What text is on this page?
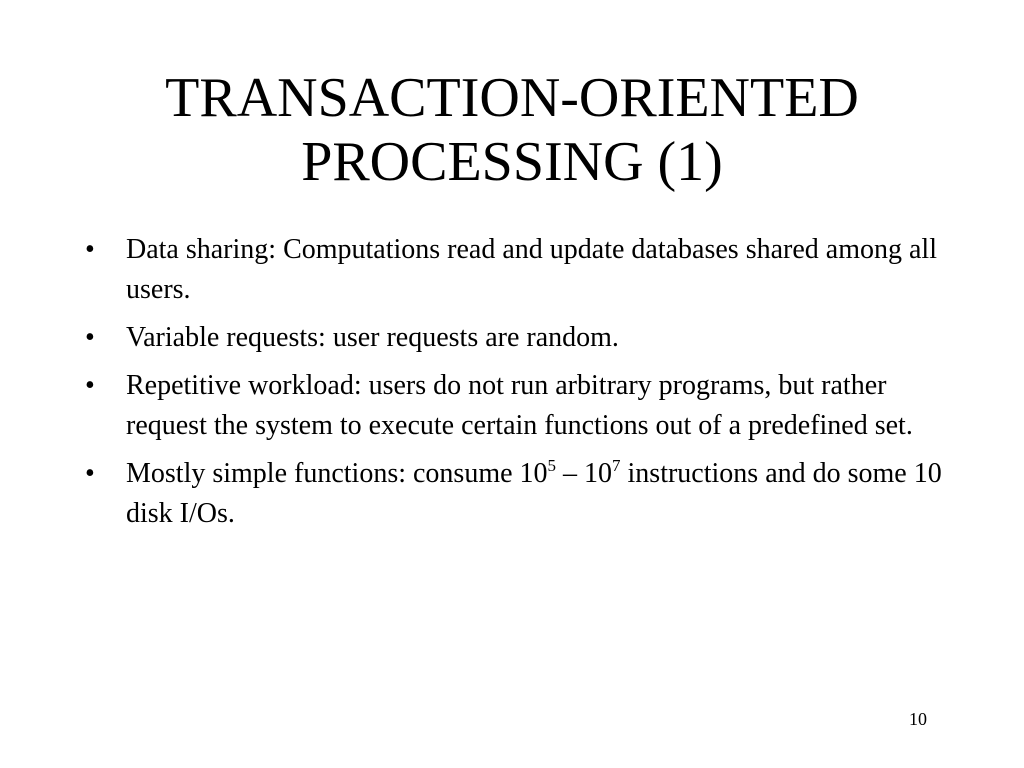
TRANSACTION-ORIENTED
PROCESSING (1)
• Data sharing: Computations read and update databases shared among all users.
• Variable requests: user requests are random.
• Repetitive workload: users do not run arbitrary programs, but rather request the system to execute certain functions out of a predefined set.
• Mostly simple functions: consume $10^5 - 10^7$ instructions and do some 10 disk I/Os.
10
